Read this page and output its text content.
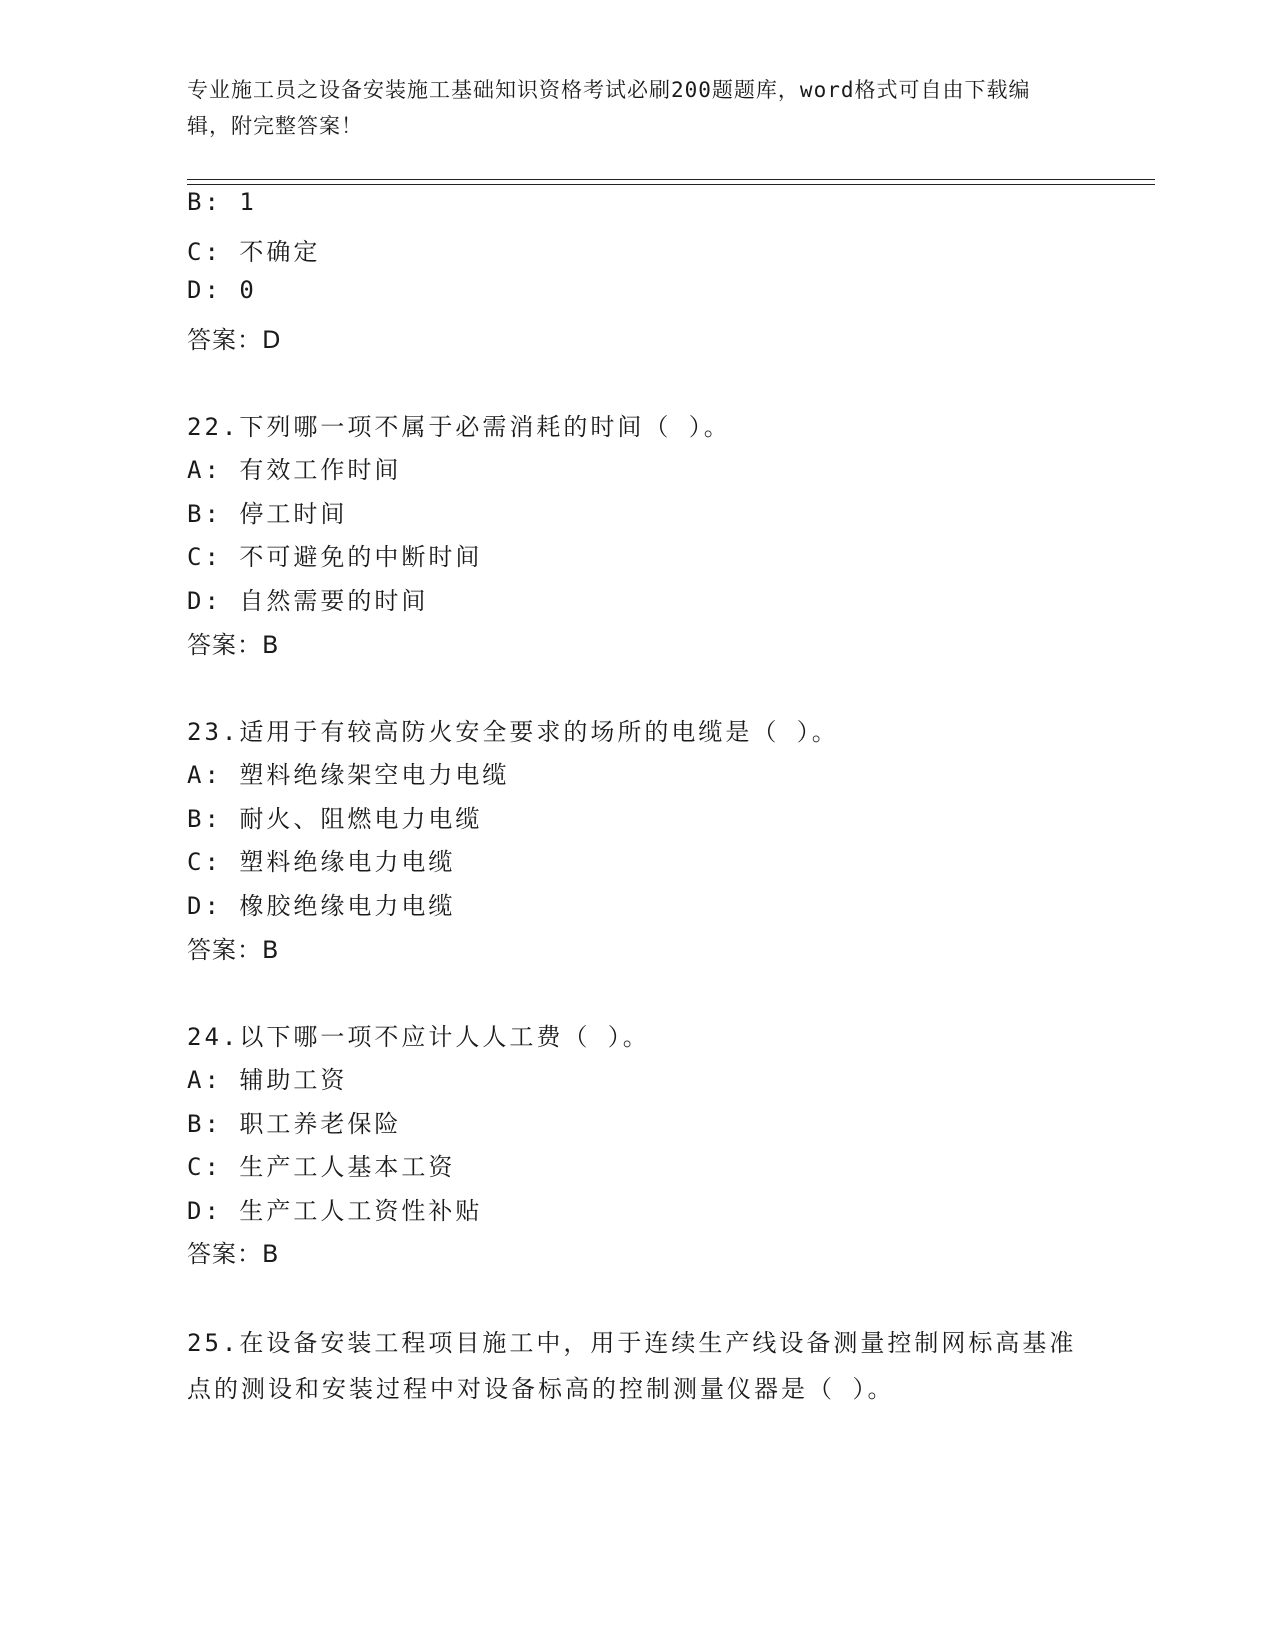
专业施工员之设备安装施工基础知识资格考试必刷200题题库，word格式可自由下载编辑，附完整答案！
B: 1
C: 不确定
D: 0
答案：D
22.下列哪一项不属于必需消耗的时间（ ）。
A: 有效工作时间
B: 停工时间
C: 不可避免的中断时间
D: 自然需要的时间
答案：B
23.适用于有较高防火安全要求的场所的电缆是（ ）。
A: 塑料绝缘架空电力电缆
B: 耐火、阻燃电力电缆
C: 塑料绝缘电力电缆
D: 橡胶绝缘电力电缆
答案：B
24.以下哪一项不应计人人工费（ ）。
A: 辅助工资
B: 职工养老保险
C: 生产工人基本工资
D: 生产工人工资性补贴
答案：B
25.在设备安装工程项目施工中，用于连续生产线设备测量控制网标高基准点的测设和安装过程中对设备标高的控制测量仪器是（ ）。
